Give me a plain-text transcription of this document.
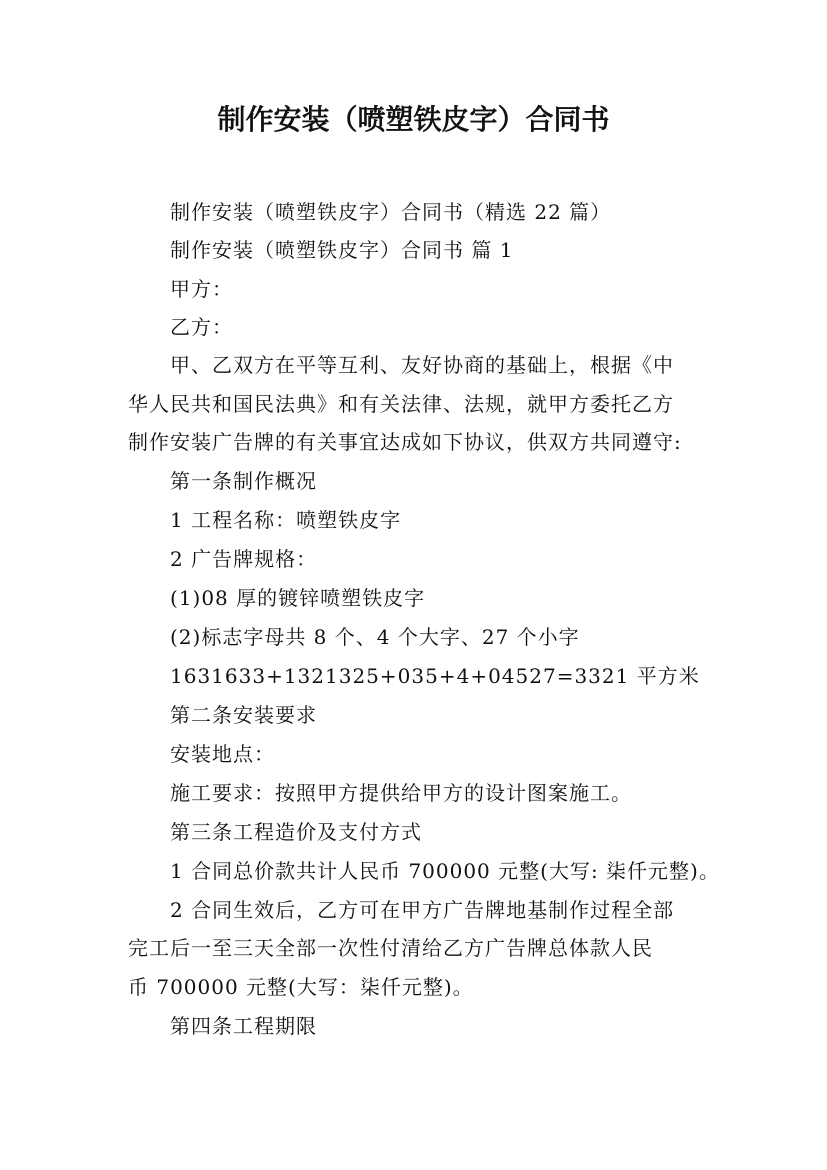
制作安装（喷塑铁皮字）合同书
制作安装（喷塑铁皮字）合同书（精选 22 篇）
制作安装（喷塑铁皮字）合同书 篇 1
甲方：
乙方：
甲、乙双方在平等互利、友好协商的基础上，根据《中
华人民共和国民法典》和有关法律、法规，就甲方委托乙方
制作安装广告牌的有关事宜达成如下协议，供双方共同遵守:
第一条制作概况
1 工程名称：喷塑铁皮字
2 广告牌规格：
(1)08 厚的镀锌喷塑铁皮字
(2)标志字母共 8 个、4 个大字、27 个小字
1631633+1321325+035+4+04527=3321 平方米
第二条安装要求
安装地点：
施工要求：按照甲方提供给甲方的设计图案施工。
第三条工程造价及支付方式
1 合同总价款共计人民币 700000 元整(大写: 柒仟元整)。
2 合同生效后，乙方可在甲方广告牌地基制作过程全部
完工后一至三天全部一次性付清给乙方广告牌总体款人民
币 700000 元整(大写：柒仟元整)。
第四条工程期限
